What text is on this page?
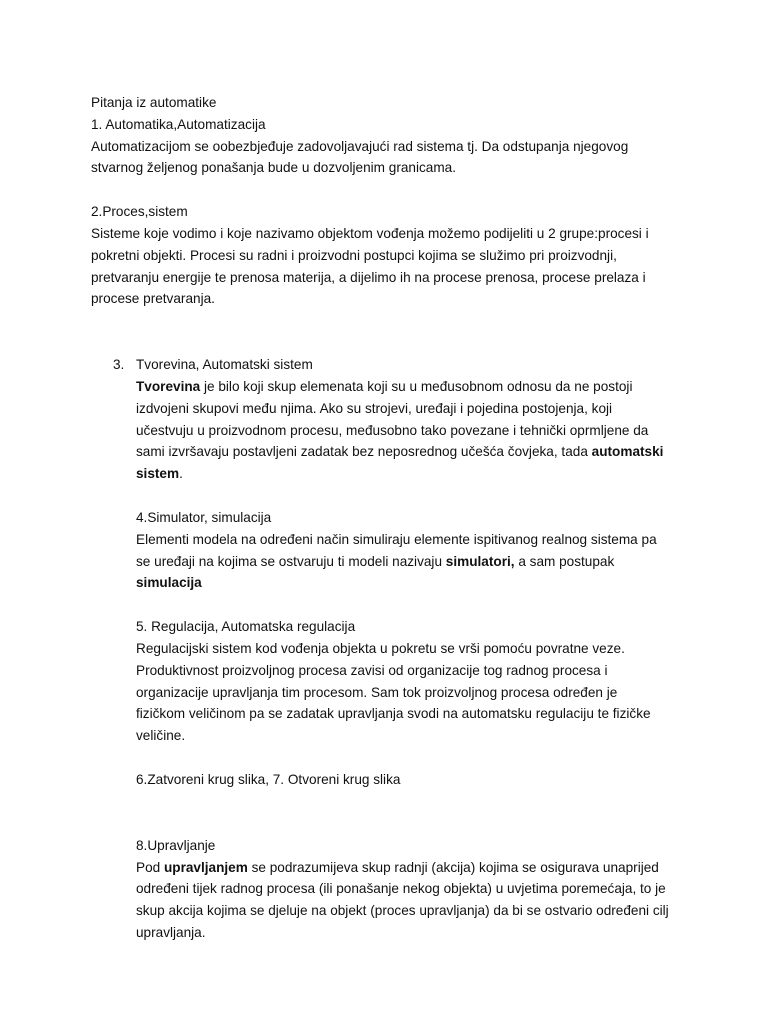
Pitanja iz automatike
1. Automatika,Automatizacija
Automatizacijom se oobezbjeđuje zadovoljavajući rad sistema tj. Da odstupanja njegovog
stvarnog željenog ponašanja bude u dozvoljenim granicama.
2.Proces,sistem
Sisteme koje vodimo i koje nazivamo objektom vođenja možemo podijeliti u 2 grupe:procesi i
pokretni objekti. Procesi su radni i proizvodni postupci kojima se služimo pri proizvodnji,
pretvaranju energije te prenosa materija, a dijelimo ih na procese prenosa, procese prelaza i
procese pretvaranja.
3. Tvorevina, Automatski sistem
Tvorevina je bilo koji skup elemenata koji su u međusobnom odnosu da ne postoji
izdvojeni skupovi među njima. Ako su strojevi, uređaji i pojedina postojenja, koji
učestvuju u proizvodnom procesu, međusobno tako povezane i tehnički oprmljene da
sami izvršavaju postavljeni zadatak bez neposrednog učešća čovjeka, tada automatski
sistem.
4.Simulator, simulacija
Elementi modela na određeni način simuliraju elemente ispitivanog realnog sistema pa
se uređaji na kojima se ostvaruju ti modeli nazivaju simulatori, a sam postupak
simulacija
5. Regulacija, Automatska regulacija
Regulacijski sistem kod vođenja objekta u pokretu se vrši pomoću povratne veze.
Produktivnost proizvoljnog procesa zavisi od organizacije tog radnog procesa i
organizacije upravljanja tim procesom. Sam tok proizvoljnog procesa određen je
fizičkom veličinom pa se zadatak upravljanja svodi na automatsku regulaciju te fizičke
veličine.
6.Zatvoreni krug slika, 7. Otvoreni krug slika
8.Upravljanje
Pod upravljanjem se podrazumijeva skup radnji (akcija) kojima se osigurava unaprijed
određeni tijek radnog procesa (ili ponašanje nekog objekta) u uvjetima poremećaja, to je
skup akcija kojima se djeluje na objekt (proces upravljanja) da bi se ostvario određeni cilj
upravljanja.
